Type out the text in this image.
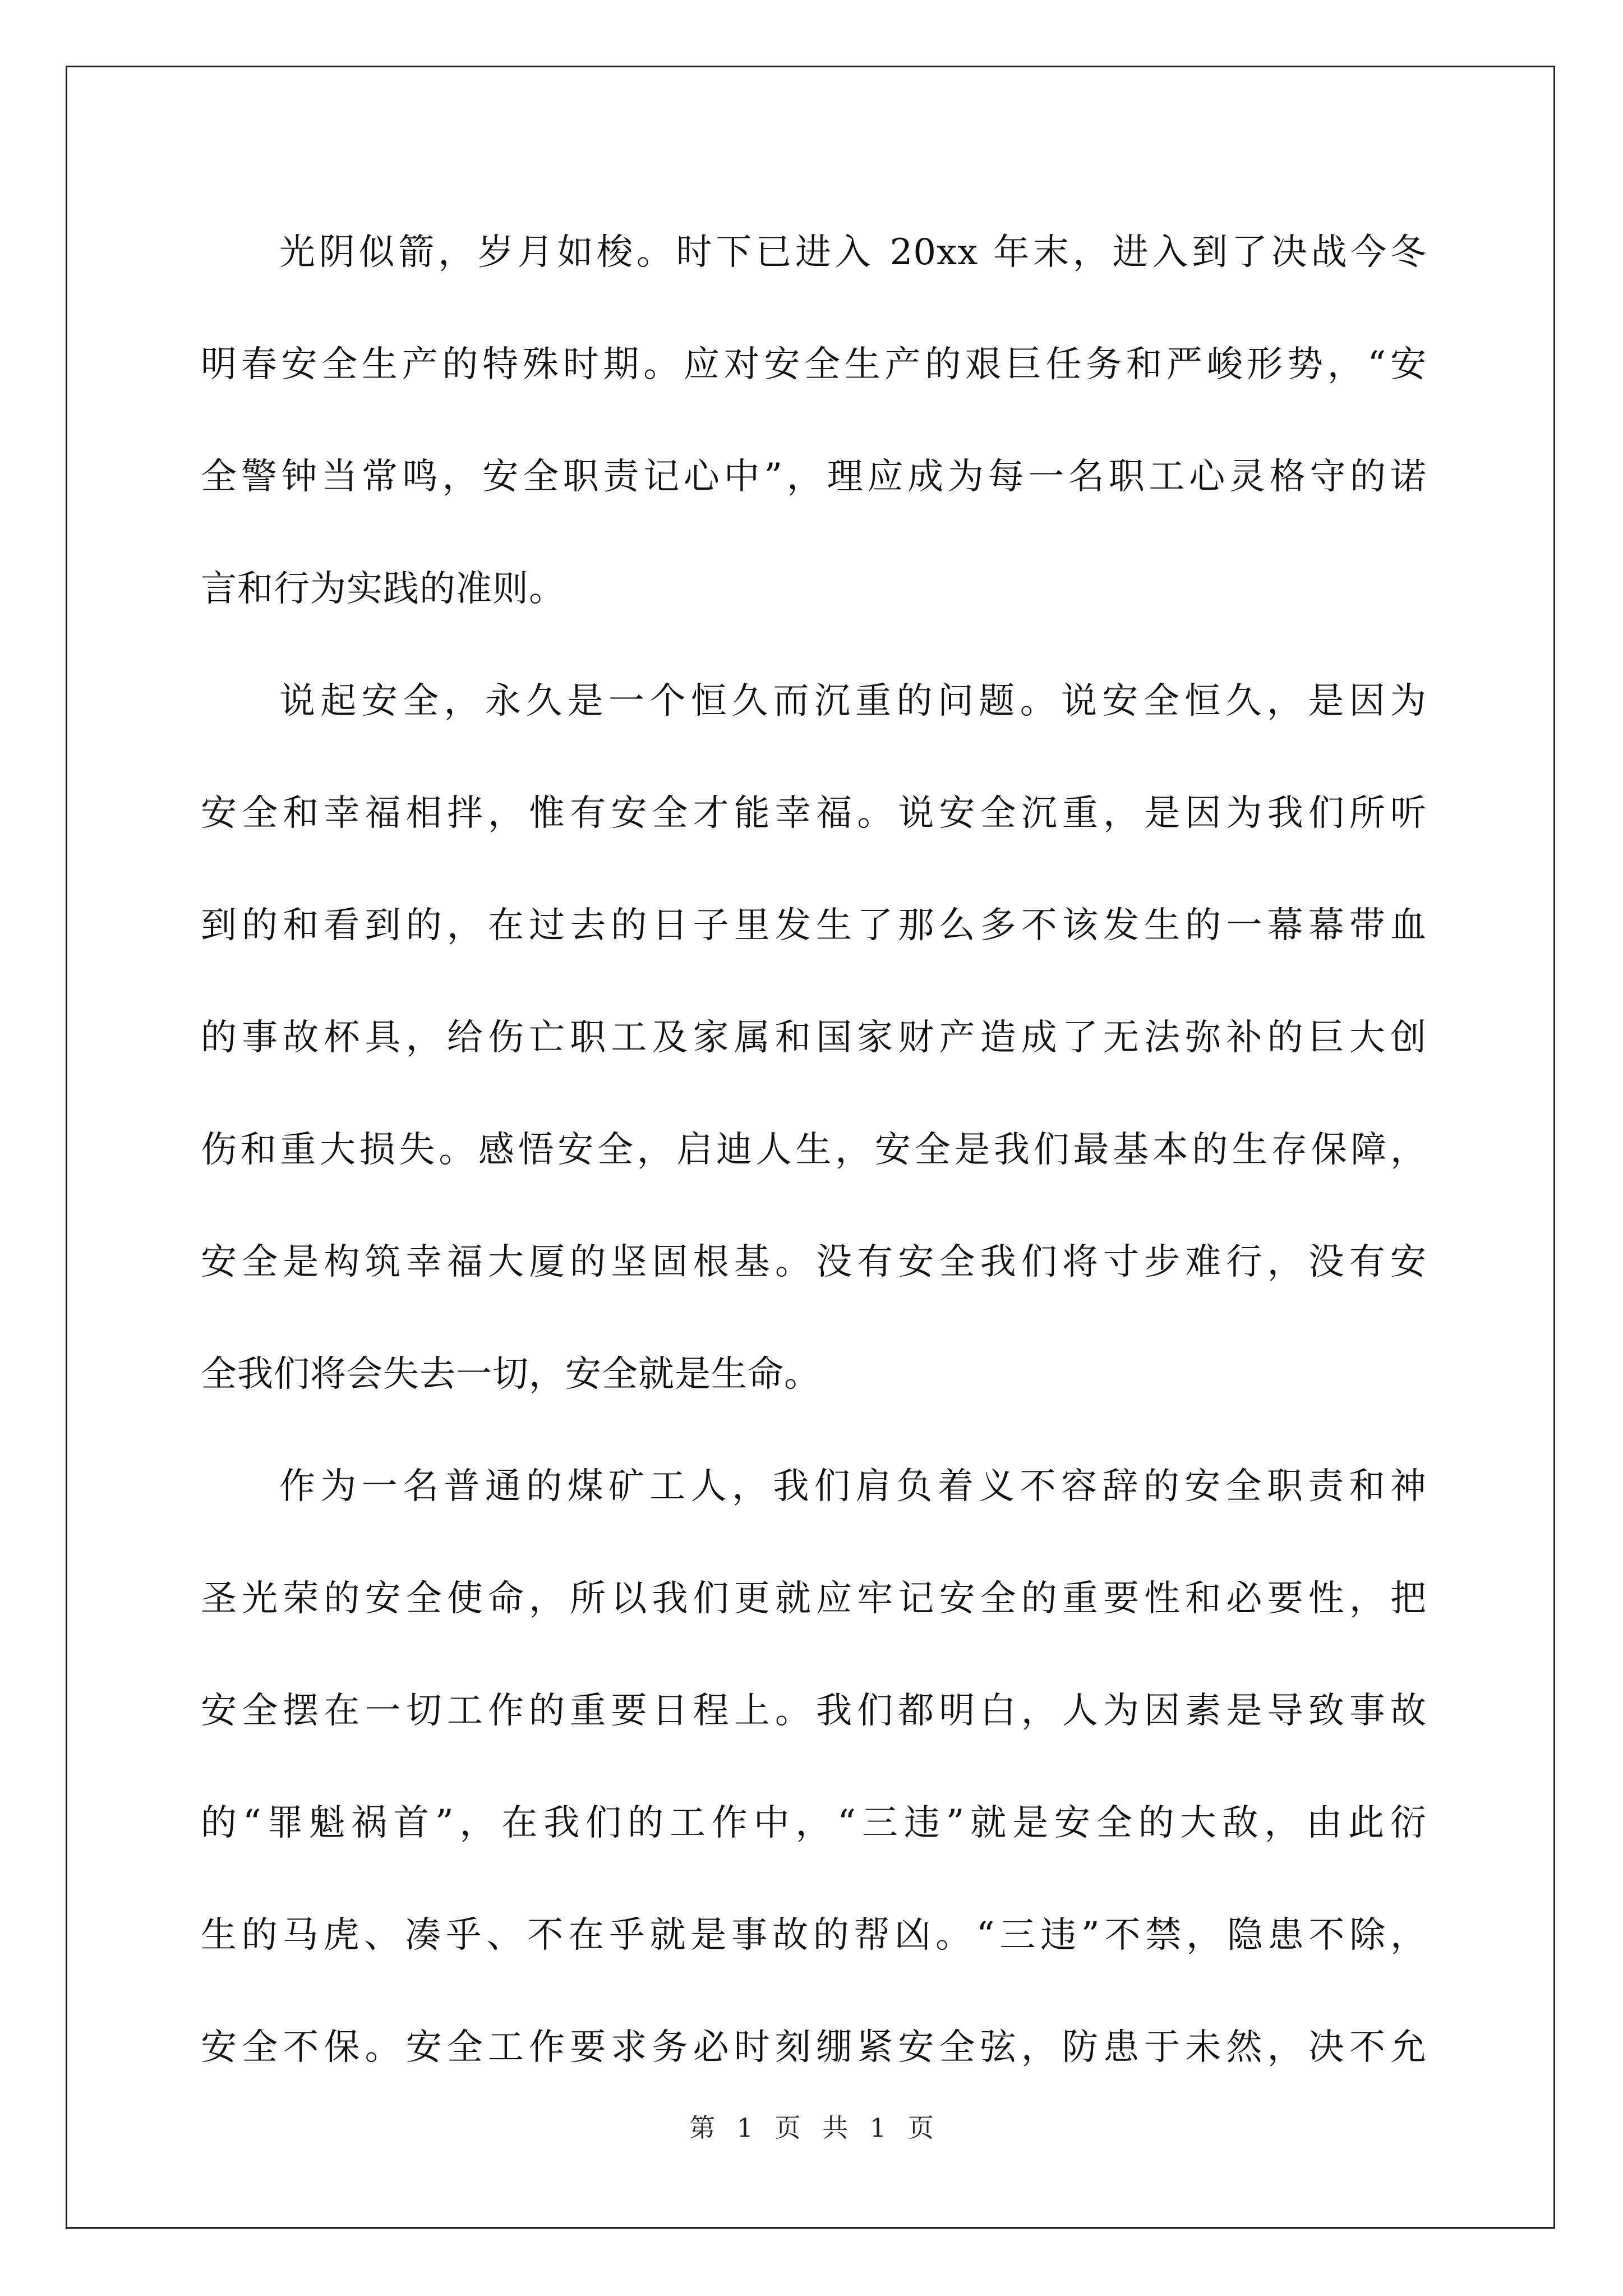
光阴似箭，岁月如梭。时下已进入 20xx 年末，进入到了决战今冬
明春安全生产的特殊时期。应对安全生产的艰巨任务和严峻形势，“安
全警钟当常鸣，安全职责记心中”，理应成为每一名职工心灵格守的诺
言和行为实践的准则。
说起安全，永久是一个恒久而沉重的问题。说安全恒久，是因为
安全和幸福相拌，惟有安全才能幸福。说安全沉重，是因为我们所听
到的和看到的，在过去的日子里发生了那么多不该发生的一幕幕带血
的事故杯具，给伤亡职工及家属和国家财产造成了无法弥补的巨大创
伤和重大损失。感悟安全，启迪人生，安全是我们最基本的生存保障，
安全是构筑幸福大厦的坚固根基。没有安全我们将寸步难行，没有安
全我们将会失去一切，安全就是生命。
作为一名普通的煤矿工人，我们肩负着义不容辞的安全职责和神
圣光荣的安全使命，所以我们更就应牢记安全的重要性和必要性，把
安全摆在一切工作的重要日程上。我们都明白，人为因素是导致事故
的“罪魁祸首”，在我们的工作中，“三违”就是安全的大敌，由此衍
生的马虎、凑乎、不在乎就是事故的帮凶。“三违”不禁，隐患不除，
安全不保。安全工作要求务必时刻绷紧安全弦，防患于未然，决不允
第 1 页 共 1 页
